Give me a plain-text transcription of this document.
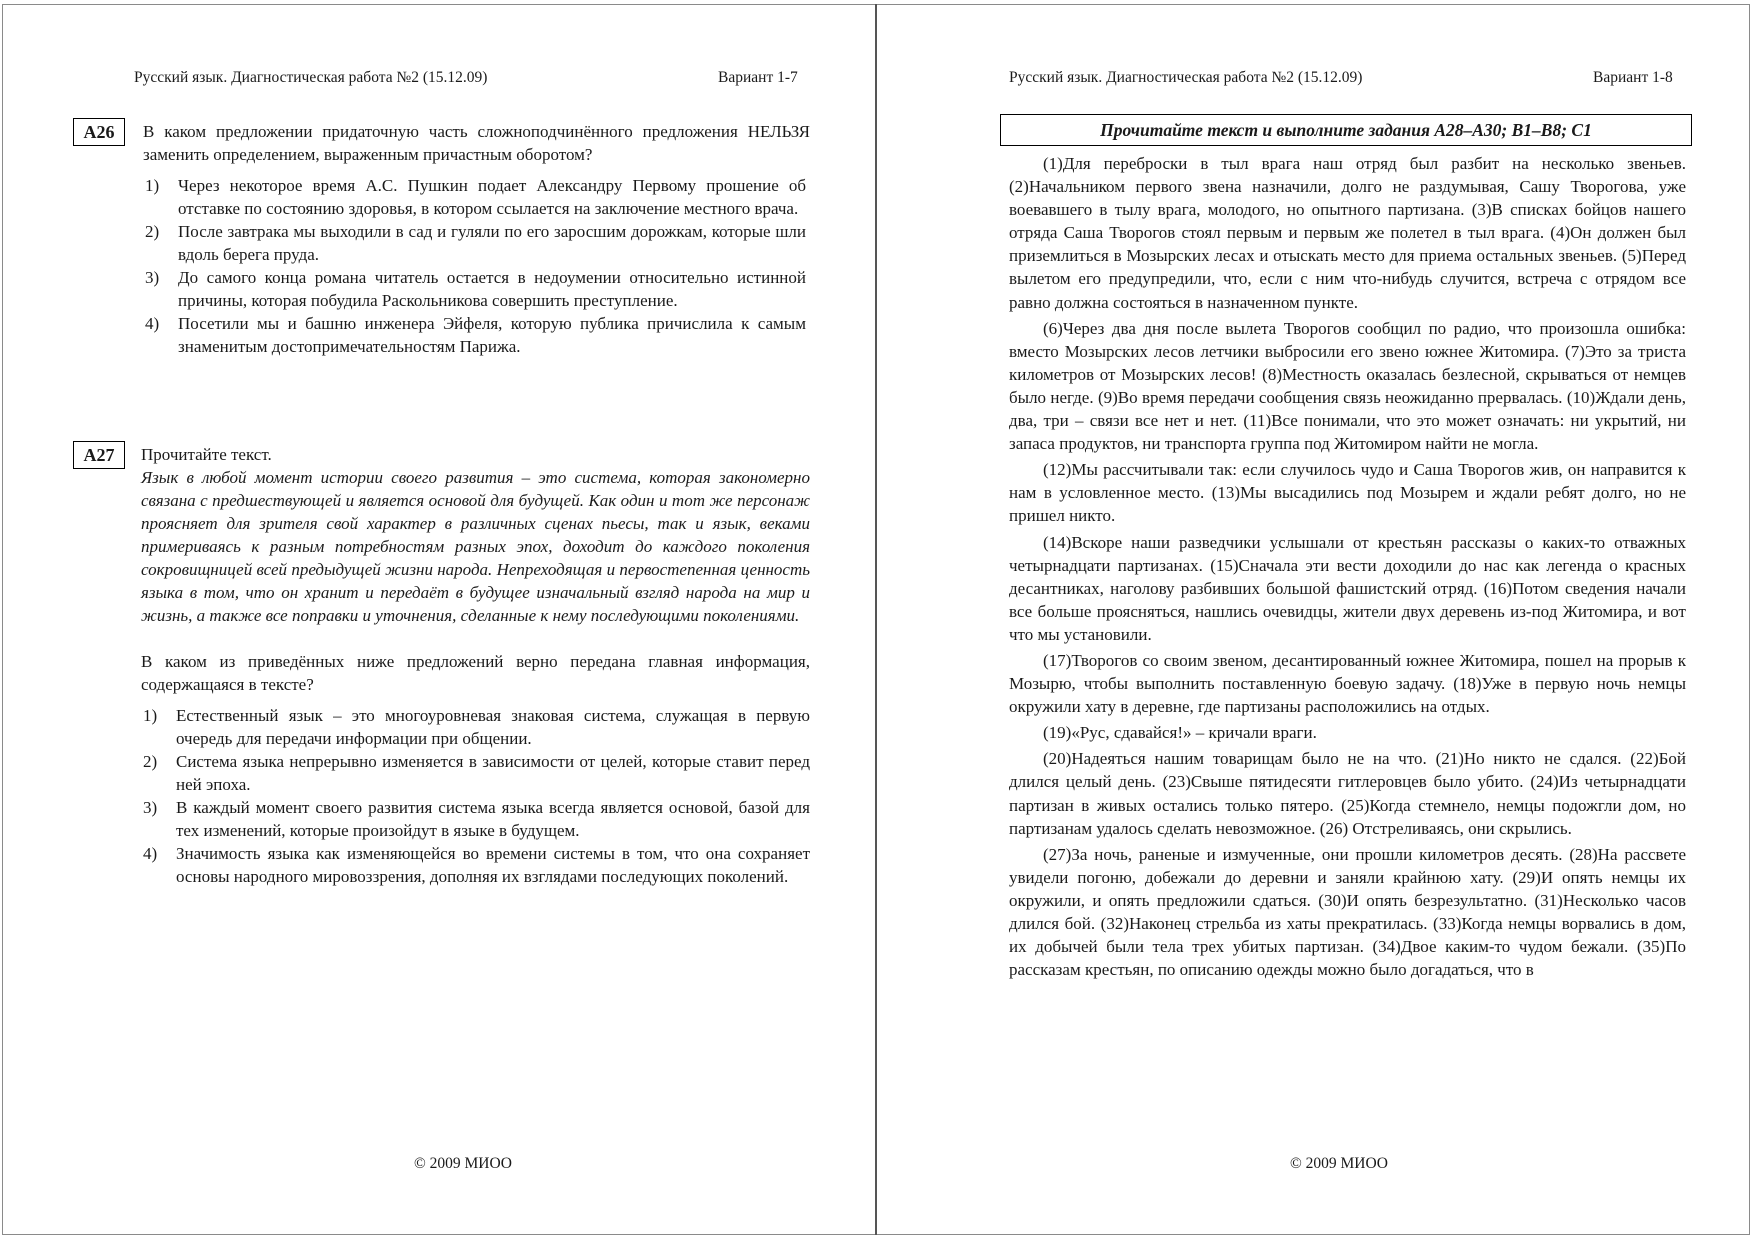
Русский язык. Диагностическая работа №2 (15.12.09)	Вариант 1-7
А26	В каком предложении придаточную часть сложноподчинённого предложения НЕЛЬЗЯ заменить определением, выраженным причастным оборотом?

1) Через некоторое время А.С. Пушкин подает Александру Первому прошение об отставке по состоянию здоровья, в котором ссылается на заключение местного врача.
2) После завтрака мы выходили в сад и гуляли по его заросшим дорожкам, которые шли вдоль берега пруда.
3) До самого конца романа читатель остается в недоумении относительно истинной причины, которая побудила Раскольникова совершить преступление.
4) Посетили мы и башню инженера Эйфеля, которую публика причислила к самым знаменитым достопримечательностям Парижа.
А27	Прочитайте текст.

Язык в любой момент истории своего развития – это система, которая закономерно связана с предшествующей и является основой для будущей. Как один и тот же персонаж проясняет для зрителя свой характер в различных сценах пьесы, так и язык, веками примериваясь к разным потребностям разных эпох, доходит до каждого поколения сокровищницей всей предыдущей жизни народа. Непреходящая и первостепенная ценность языка в том, что он хранит и передаёт в будущее изначальный взгляд народа на мир и жизнь, а также все поправки и уточнения, сделанные к нему последующими поколениями.

В каком из приведённых ниже предложений верно передана главная информация, содержащаяся в тексте?

1) Естественный язык – это многоуровневая знаковая система, служащая в первую очередь для передачи информации при общении.
2) Система языка непрерывно изменяется в зависимости от целей, которые ставит перед ней эпоха.
3) В каждый момент своего развития система языка всегда является основой, базой для тех изменений, которые произойдут в языке в будущем.
4) Значимость языка как изменяющейся во времени системы в том, что она сохраняет основы народного мировоззрения, дополняя их взглядами последующих поколений.
© 2009 МИОО
Русский язык. Диагностическая работа №2 (15.12.09)	Вариант 1-8
Прочитайте текст и выполните задания А28–А30; В1–В8; С1

(1)Для переброски в тыл врага наш отряд был разбит на несколько звеньев. (2)Начальником первого звена назначили, долго не раздумывая, Сашу Творогова, уже воевавшего в тылу врага, молодого, но опытного партизана. (3)В списках бойцов нашего отряда Саша Творогов стоял первым и первым же полетел в тыл врага. (4)Он должен был приземлиться в Мозырских лесах и отыскать место для приема остальных звеньев. (5)Перед вылетом его предупредили, что, если с ним что-нибудь случится, встреча с отрядом все равно должна состояться в назначенном пункте.

(6)Через два дня после вылета Творогов сообщил по радио, что произошла ошибка: вместо Мозырских лесов летчики выбросили его звено южнее Житомира. (7)Это за триста километров от Мозырских лесов! (8)Местность оказалась безлесной, скрываться от немцев было негде. (9)Во время передачи сообщения связь неожиданно прервалась. (10)Ждали день, два, три – связи все нет и нет. (11)Все понимали, что это может означать: ни укрытий, ни запаса продуктов, ни транспорта группа под Житомиром найти не могла.

(12)Мы рассчитывали так: если случилось чудо и Саша Творогов жив, он направится к нам в условленное место. (13)Мы высадились под Мозырем и ждали ребят долго, но не пришел никто.

(14)Вскоре наши разведчики услышали от крестьян рассказы о каких-то отважных четырнадцати партизанах. (15)Сначала эти вести доходили до нас как легенда о красных десантниках, наголову разбивших большой фашистский отряд. (16)Потом сведения начали все больше проясняться, нашлись очевидцы, жители двух деревень из-под Житомира, и вот что мы установили.

(17)Творогов со своим звеном, десантированный южнее Житомира, пошел на прорыв к Мозырю, чтобы выполнить поставленную боевую задачу. (18)Уже в первую ночь немцы окружили хату в деревне, где партизаны расположились на отдых.

(19)«Рус, сдавайся!» – кричали враги.

(20)Надеяться нашим товарищам было не на что. (21)Но никто не сдался. (22)Бой длился целый день. (23)Свыше пятидесяти гитлеровцев было убито. (24)Из четырнадцати партизан в живых остались только пятеро. (25)Когда стемнело, немцы подожгли дом, но партизанам удалось сделать невозможное. (26) Отстреливаясь, они скрылись.

(27)За ночь, раненые и измученные, они прошли километров десять. (28)На рассвете увидели погоню, добежали до деревни и заняли крайнюю хату. (29)И опять немцы их окружили, и опять предложили сдаться. (30)И опять безрезультатно. (31)Несколько часов длился бой. (32)Наконец стрельба из хаты прекратилась. (33)Когда немцы ворвались в дом, их добычей были тела трех убитых партизан. (34)Двое каким-то чудом бежали. (35)По рассказам крестьян, по описанию одежды можно было догадаться, что в

© 2009 МИОО
